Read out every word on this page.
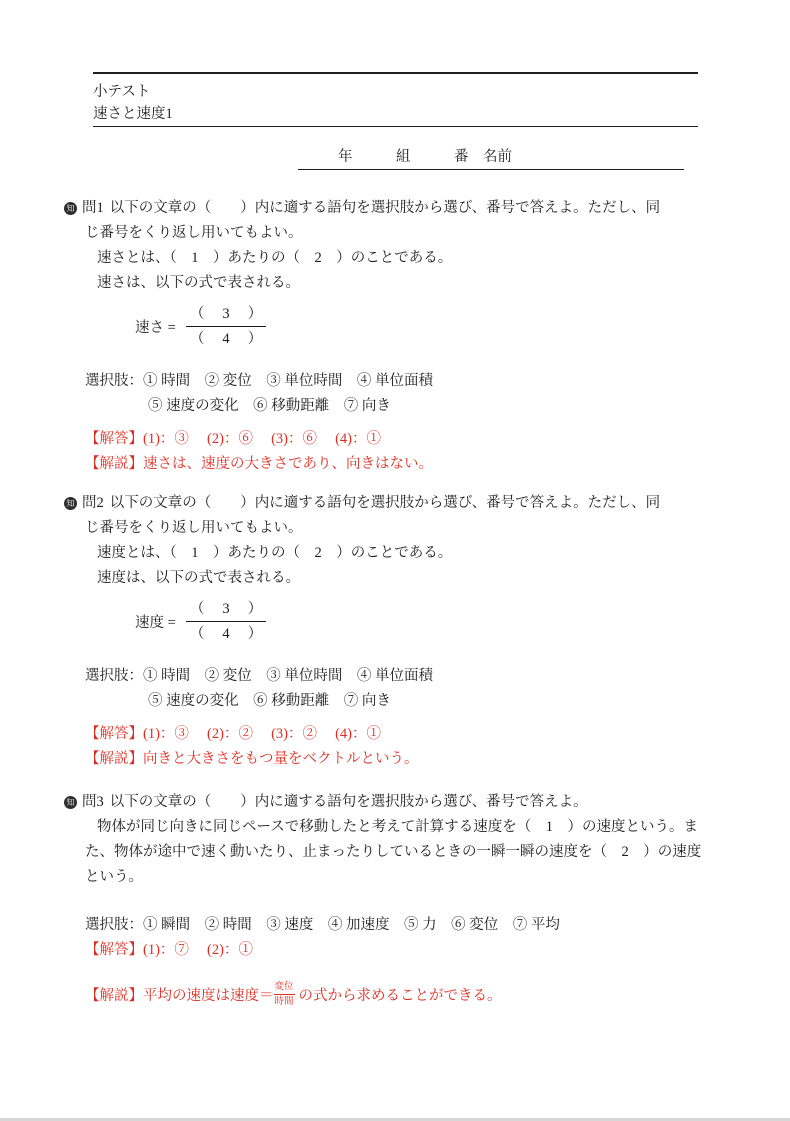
小テスト
速さと速度1
年　　　組　　　番　名前
知 問1 以下の文章の（　　）内に適する語句を選択肢から選び、番号で答えよ。ただし、同
じ番号をくり返し用いてもよい。
速さとは、（　1　）あたりの（　2　）のことである。
速さは、以下の式で表される。
速さ = $\frac{( 3 )}{( 4 )}$
選択肢：① 時間　② 変位　③ 単位時間　④ 単位面積
⑤ 速度の変化　⑥ 移動距離　⑦ 向き
【解答】(1)：③　 (2)：⑥　 (3)：⑥　 (4)：①
【解説】速さは、速度の大きさであり、向きはない。
知 問2 以下の文章の（　　）内に適する語句を選択肢から選び、番号で答えよ。ただし、同
じ番号をくり返し用いてもよい。
速度とは、（　1　）あたりの（　2　）のことである。
速度は、以下の式で表される。
速度 = $\frac{( 3 )}{( 4 )}$
選択肢：① 時間　② 変位　③ 単位時間　④ 単位面積
⑤ 速度の変化　⑥ 移動距離　⑦ 向き
【解答】(1)：③　 (2)：②　 (3)：②　 (4)：①
【解説】向きと大きさをもつ量をベクトルという。
知 問3 以下の文章の（　　）内に適する語句を選択肢から選び、番号で答えよ。
物体が同じ向きに同じペースで移動したと考えて計算する速度を（　1　）の速度という。ま
た、物体が途中で速く動いたり、止まったりしているときの一瞬一瞬の速度を（　2　）の速度
という。
選択肢：① 瞬間　② 時間　③ 速度　④ 加速度　⑤ 力　⑥ 変位　⑦ 平均
【解答】(1)：⑦　 (2)：①
【解説】 平均の速度は速度＝ $\frac{\text{変位}}{\text{時間}}$ の式から求めることができる。
